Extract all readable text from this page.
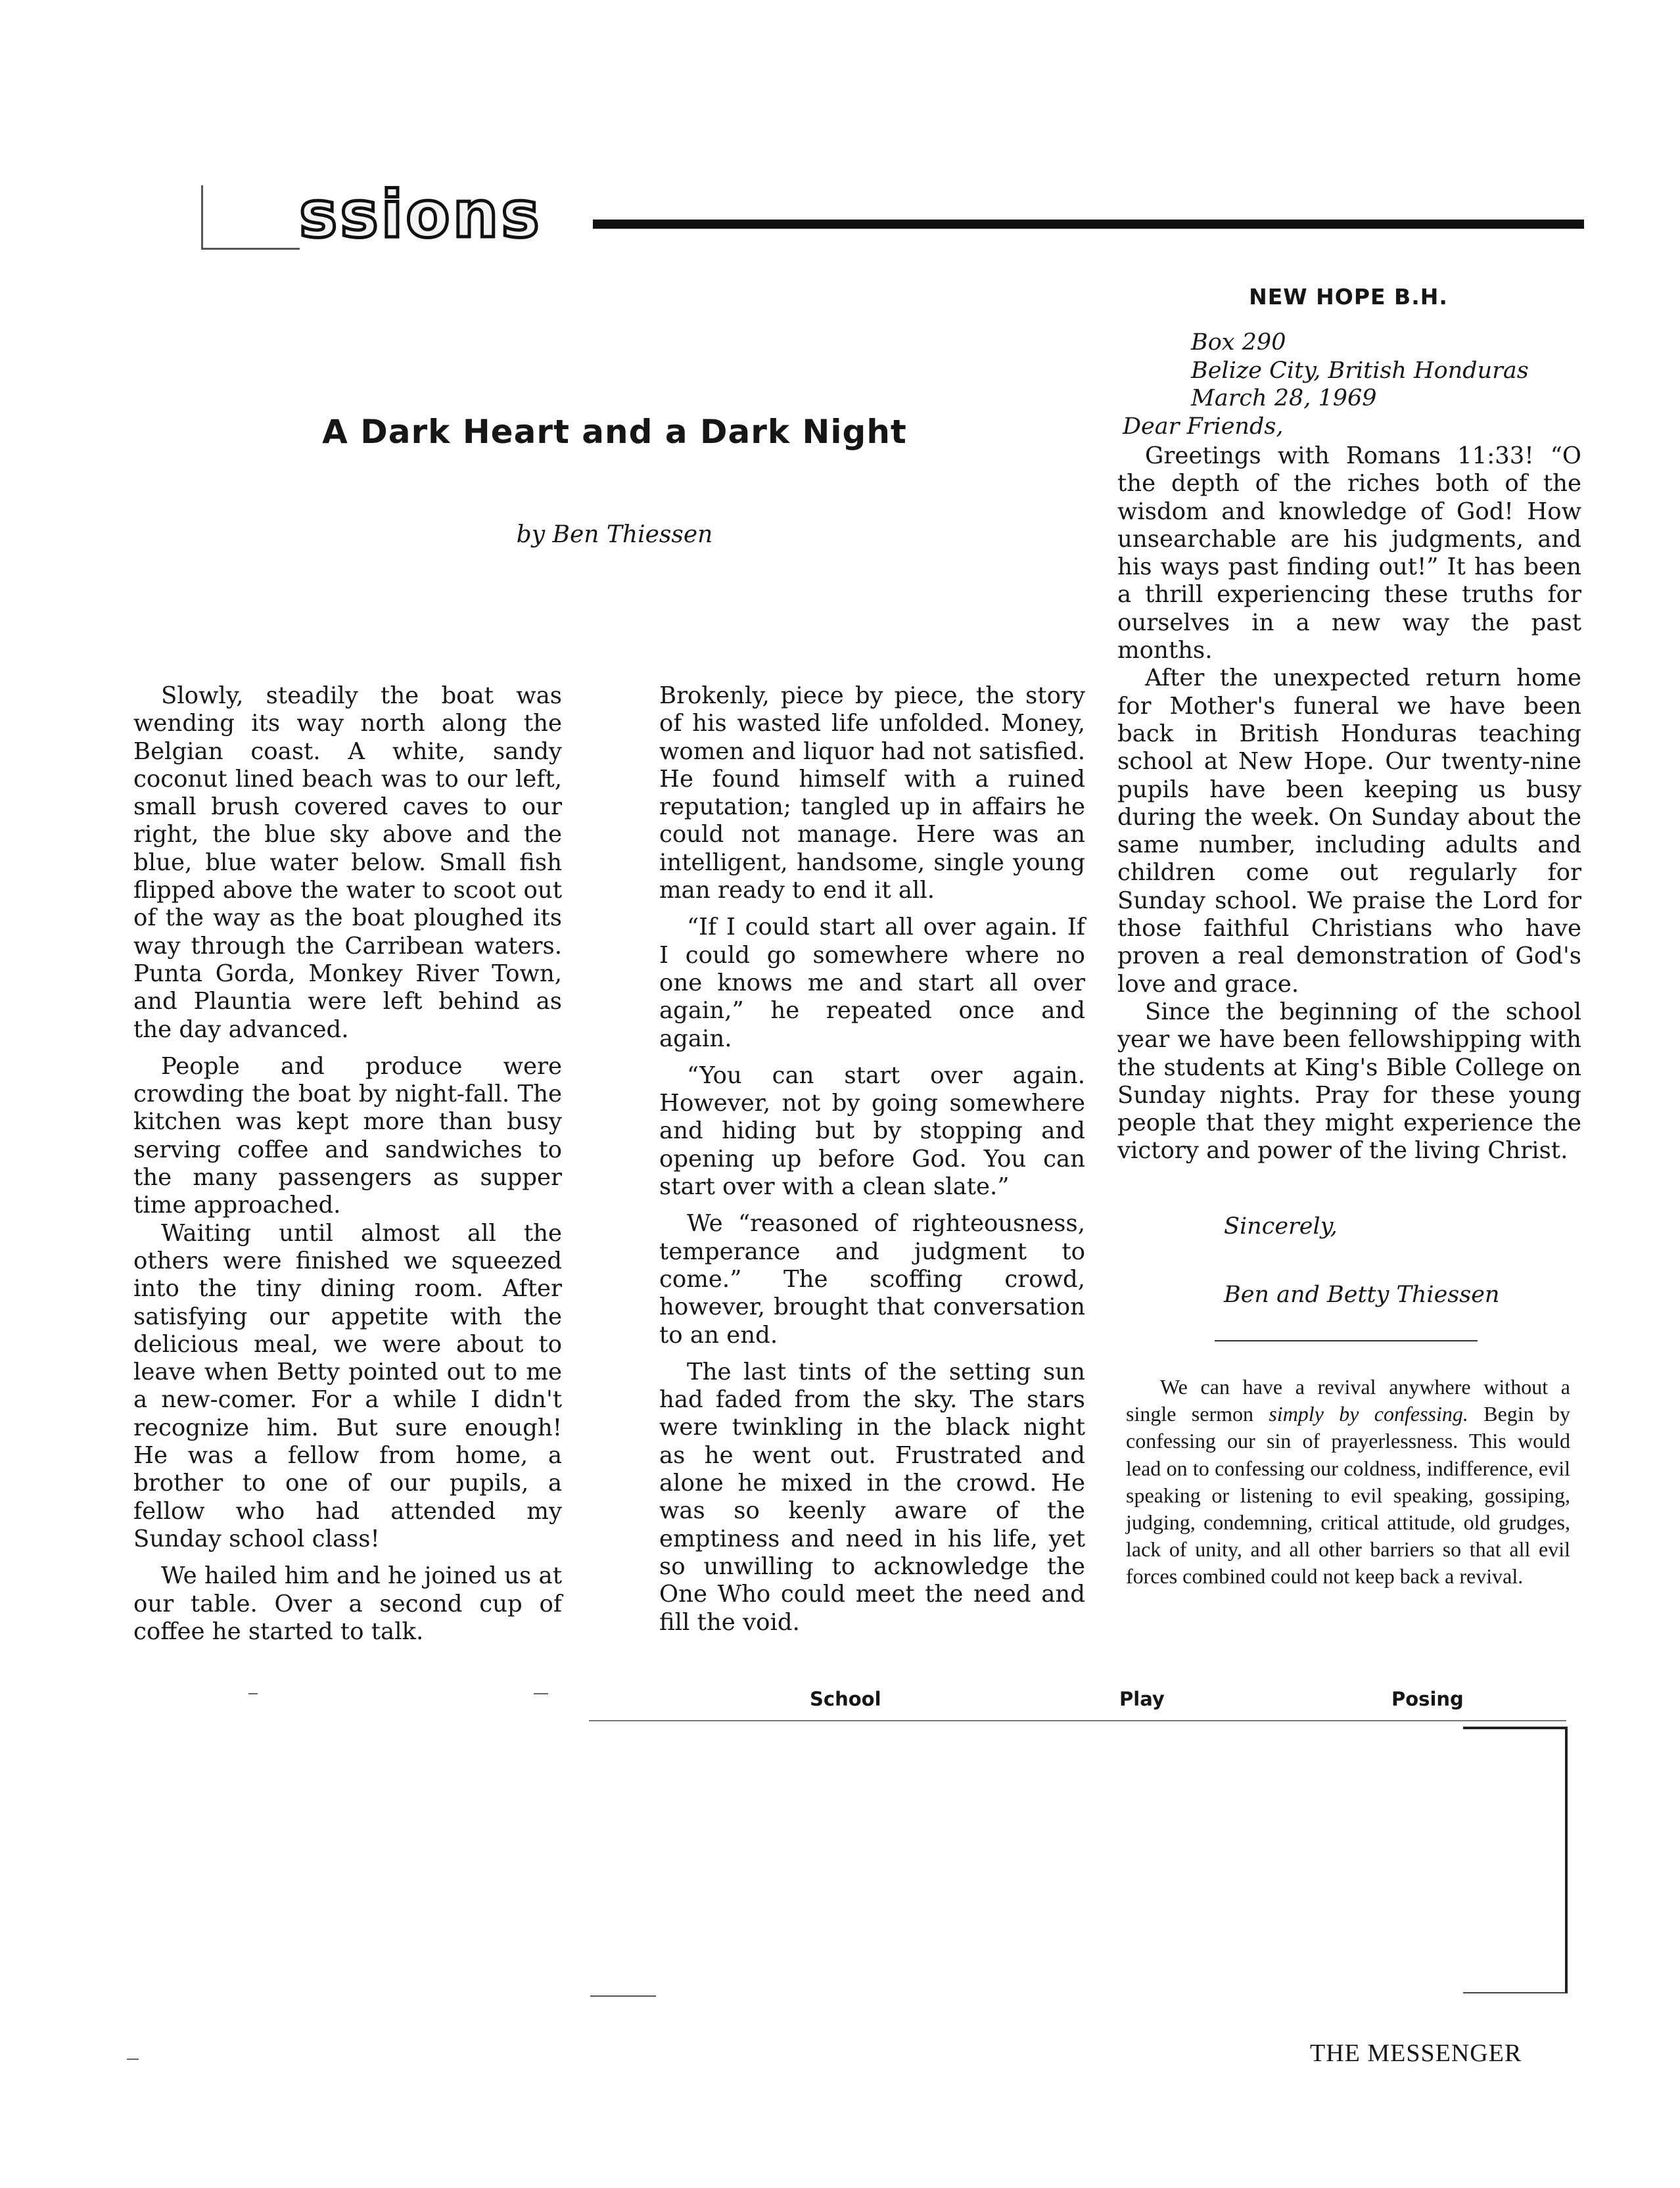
ssions
A Dark Heart and a Dark Night
by Ben Thiessen

Slowly, steadily the boat was wending its way north along the Belgian coast. A white, sandy coconut lined beach was to our left, small brush covered caves to our right, the blue sky above and the blue, blue water below. Small fish flipped above the water to scoot out of the way as the boat ploughed its way through the Carribean waters. Punta Gorda, Monkey River Town, and Plauntia were left behind as the day advanced.

People and produce were crowding the boat by night-fall. The kitchen was kept more than busy serving coffee and sandwiches to the many passengers as supper time approached.

Waiting until almost all the others were finished we squeezed into the tiny dining room. After satisfying our appetite with the delicious meal, we were about to leave when Betty pointed out to me a new-comer. For a while I didn't recognize him. But sure enough! He was a fellow from home, a brother to one of our pupils, a fellow who had attended my Sunday school class!

We hailed him and he joined us at our table. Over a second cup of coffee he started to talk.

Brokenly, piece by piece, the story of his wasted life unfolded. Money, women and liquor had not satisfied. He found himself with a ruined reputation; tangled up in affairs he could not manage. Here was an intelligent, handsome, single young man ready to end it all.

“If I could start all over again. If I could go somewhere where no one knows me and start all over again,” he repeated once and again.

“You can start over again. However, not by going somewhere and hiding but by stopping and opening up before God. You can start over with a clean slate.”

We “reasoned of righteousness, temperance and judgment to come.” The scoffing crowd, however, brought that conversation to an end.

The last tints of the setting sun had faded from the sky. The stars were twinkling in the black night as he went out. Frustrated and alone he mixed in the crowd. He was so keenly aware of the emptiness and need in his life, yet so unwilling to acknowledge the One Who could meet the need and fill the void.

NEW HOPE B.H.
Box 290
Belize City, British Honduras
March 28, 1969
Dear Friends,

Greetings with Romans 11:33! “O the depth of the riches both of the wisdom and knowledge of God! How unsearchable are his judgments, and his ways past finding out!” It has been a thrill experiencing these truths for ourselves in a new way the past months.

After the unexpected return home for Mother's funeral we have been back in British Honduras teaching school at New Hope. Our twenty-nine pupils have been keeping us busy during the week. On Sunday about the same number, including adults and children come out regularly for Sunday school. We praise the Lord for those faithful Christians who have proven a real demonstration of God's love and grace.

Since the beginning of the school year we have been fellowshipping with the students at King's Bible College on Sunday nights. Pray for these young people that they might experience the victory and power of the living Christ.

Sincerely,
Ben and Betty Thiessen
We can have a revival anywhere without a single sermon simply by confessing. Begin by confessing our sin of prayerlessness. This would lead on to confessing our coldness, indifference, evil speaking or listening to evil speaking, gossiping, judging, condemning, critical attitude, old grudges, lack of unity, and all other barriers so that all evil forces combined could not keep back a revival.
School	Play	Posing
THE MESSENGER
